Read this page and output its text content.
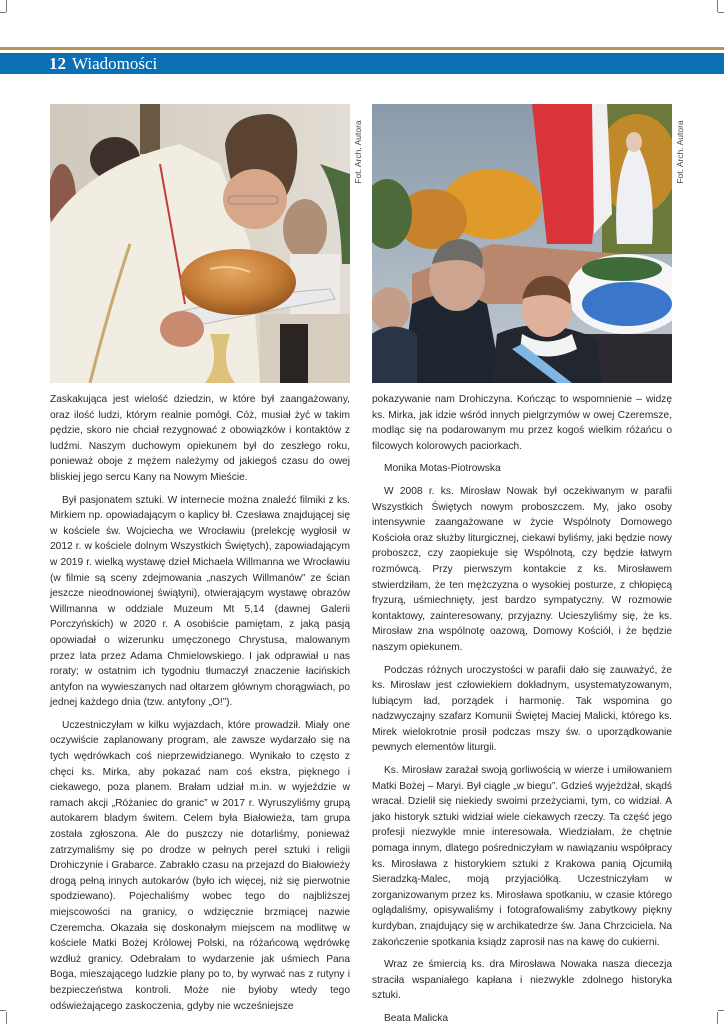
12 Wiadomości
Fot. Arch. Autora	Fot. Arch. Autora

Zaskakująca jest wielość dziedzin, w które był zaangażowany, oraz ilość ludzi, którym realnie pomógł. Cóż, musiał żyć w takim pędzie, skoro nie chciał rezygnować z obowiązków i kontaktów z ludźmi. Naszym duchowym opiekunem był do zeszłego roku, ponieważ oboje z mężem należymy od jakiegoś czasu do owej bliskiej jego sercu Kany na Nowym Mieście.

Był pasjonatem sztuki. W internecie można znaleźć filmiki z ks. Mirkiem np. opowiadającym o kaplicy bł. Czesława znajdującej się w kościele św. Wojciecha we Wrocławiu (prelekcję wygłosił w 2012 r. w kościele dolnym Wszystkich Świętych), zapowiadającym w 2019 r. wielką wystawę dzieł Michaela Willmanna we Wrocławiu (w filmie są sceny zdejmowania „naszych Willmanów” ze ścian jeszcze nieodnowionej świątyni), otwierającym wystawę obrazów Willmanna w oddziale Muzeum Mt 5,14 (dawnej Galerii Porczyńskich) w 2020 r. A osobiście pamiętam, z jaką pasją opowiadał o wizerunku umęczonego Chrystusa, malowanym przez lata przez Adama Chmielowskiego. I jak odprawiał u nas roraty; w ostatnim ich tygodniu tłumaczył znaczenie łacińskich antyfon na wywieszanych nad ołtarzem głównym chorągwiach, po jednej każdego dnia (tzw. antyfony „O!”).

Uczestniczyłam w kilku wyjazdach, które prowadził. Miały one oczywiście zaplanowany program, ale zawsze wydarzało się na tych wędrówkach coś nieprzewidzianego. Wynikało to często z chęci ks. Mirka, aby pokazać nam coś ekstra, pięknego i ciekawego, poza planem. Brałam udział m.in. w wyjeździe w ramach akcji „Różaniec do granic” w 2017 r. Wyruszyliśmy grupą autokarem bladym świtem. Celem była Białowieża, tam grupa została zgłoszona. Ale do puszczy nie dotarliśmy, ponieważ zatrzymaliśmy się po drodze w pełnych pereł sztuki i religii Drohiczynie i Grabarce. Zabrakło czasu na przejazd do Białowieży drogą pełną innych autokarów (było ich więcej, niż się pierwotnie spodziewano). Pojechaliśmy wobec tego do najbliższej miejscowości na granicy, o wdzięcznie brzmiącej nazwie Czeremcha. Okazała się doskonałym miejscem na modlitwę w kościele Matki Bożej Królowej Polski, na różańcową wędrówkę wzdłuż granicy. Odebrałam to wydarzenie jak uśmiech Pana Boga, mieszającego ludzkie plany po to, by wyrwać nas z rutyny i bezpieczeństwa kontroli. Może nie byłoby wtedy tego odświeżającego zaskoczenia, gdyby nie wcześniejsze

pokazywanie nam Drohiczyna. Kończąc to wspomnienie – widzę ks. Mirka, jak idzie wśród innych pielgrzymów w owej Czeremsze, modląc się na podarowanym mu przez kogoś wielkim różańcu o filcowych kolorowych paciorkach.

Monika Motas-Piotrowska

W 2008 r. ks. Mirosław Nowak był oczekiwanym w parafii Wszystkich Świętych nowym proboszczem. My, jako osoby intensywnie zaangażowane w życie Wspólnoty Domowego Kościoła oraz służby liturgicznej, ciekawi byliśmy, jaki będzie nowy proboszcz, czy zaopiekuje się Wspólnotą, czy będzie łatwym rozmówcą. Przy pierwszym kontakcie z ks. Mirosławem stwierdziłam, że ten mężczyzna o wysokiej posturze, z chłopięcą fryzurą, uśmiechnięty, jest bardzo sympatyczny. W rozmowie kontaktowy, zainteresowany, przyjazny. Ucieszyliśmy się, że ks. Mirosław zna wspólnotę oazową, Domowy Kościół, i że będzie naszym opiekunem.

Podczas różnych uroczystości w parafii dało się zauważyć, że ks. Mirosław jest człowiekiem dokładnym, usystematyzowanym, lubiącym ład, porządek i harmonię. Tak wspomina go nadzwyczajny szafarz Komunii Świętej Maciej Malicki, którego ks. Mirek wielokrotnie prosił podczas mszy św. o uporządkowanie pewnych elementów liturgii.

Ks. Mirosław zarażał swoją gorliwością w wierze i umiłowaniem Matki Bożej – Maryi. Był ciągle „w biegu”. Gdzieś wyjeżdżał, skądś wracał. Dzielił się niekiedy swoimi przeżyciami, tym, co widział. A jako historyk sztuki widział wiele ciekawych rzeczy. Ta część jego profesji niezwykle mnie interesowała. Wiedziałam, że chętnie pomaga innym, dlatego pośredniczyłam w nawiązaniu współpracy ks. Mirosława z historykiem sztuki z Krakowa panią Ojcumiłą Sieradzką-Malec, moją przyjaciółką. Uczestniczyłam w zorganizowanym przez ks. Mirosława spotkaniu, w czasie którego oglądaliśmy, opisywaliśmy i fotografowaliśmy zabytkowy piękny kurdyban, znajdujący się w archikatedrze św. Jana Chrzciciela. Na zakończenie spotkania ksiądz zaprosił nas na kawę do cukierni.

Wraz ze śmiercią ks. dra Mirosława Nowaka nasza diecezja straciła wspaniałego kapłana i niezwykle zdolnego historyka sztuki.

Beata Malicka
